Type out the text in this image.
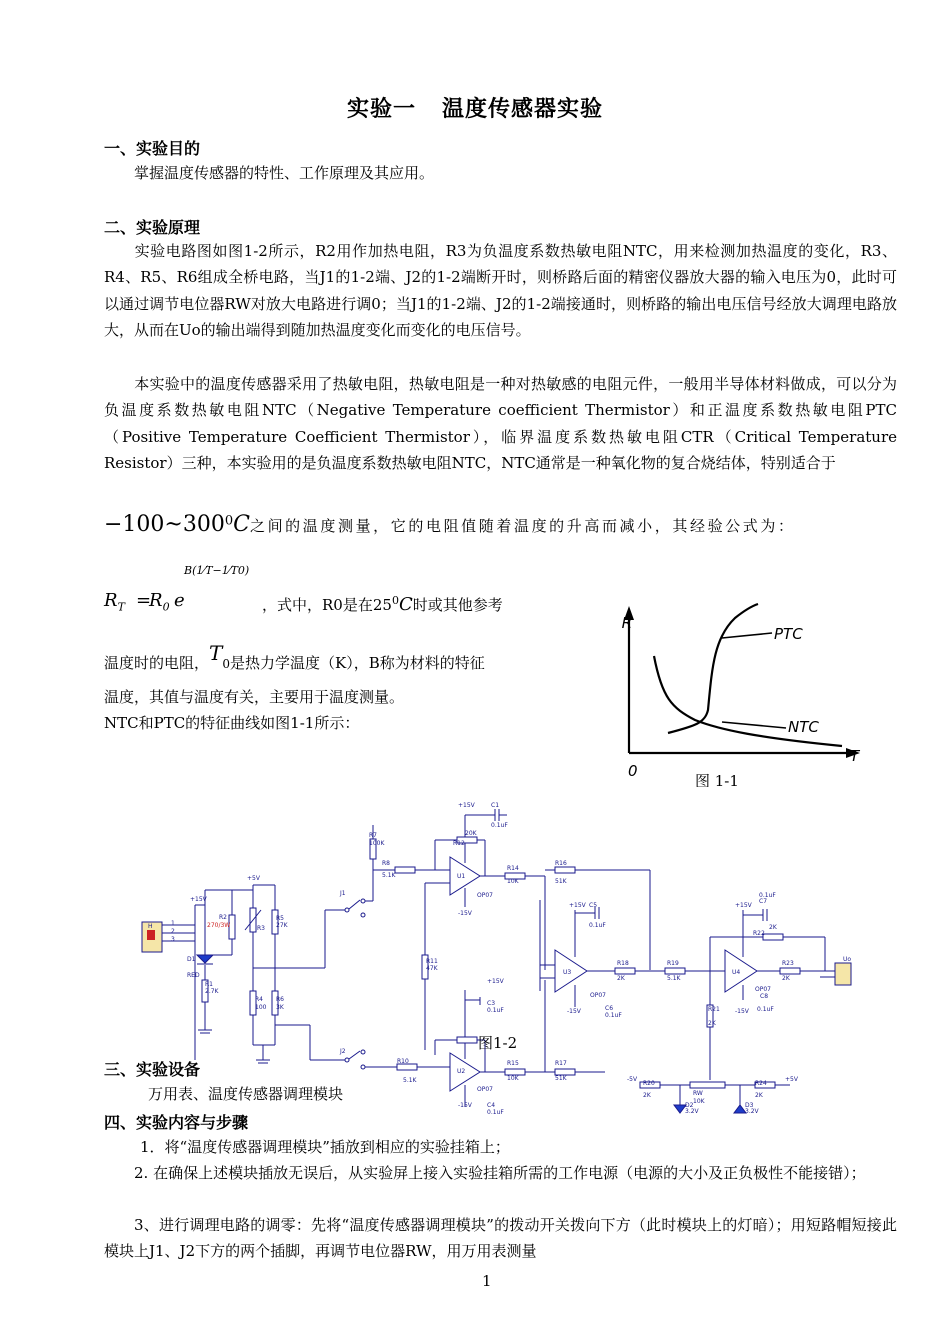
实验一   温度传感器实验
一、实验目的
掌握温度传感器的特性、工作原理及其应用。
二、实验原理
实验电路图如图1-2所示，R2用作加热电阻，R3为负温度系数热敏电阻NTC，用来检测加热温度的变化，R3、R4、R5、R6组成全桥电路，当J1的1-2端、J2的1-2端断开时，则桥路后面的精密仪器放大器的输入电压为0，此时可以通过调节电位器RW对放大电路进行调0；当J1的1-2端、J2的1-2端接通时，则桥路的输出电压信号经放大调理电路放大，从而在Uo的输出端得到随加热温度变化而变化的电压信号。
本实验中的温度传感器采用了热敏电阻，热敏电阻是一种对热敏感的电阻元件，一般用半导体材料做成，可以分为负温度系数热敏电阻NTC（Negative Temperature coefficient Thermistor）和正温度系数热敏电阻PTC（Positive Temperature Coefficient Thermistor），临界温度系数热敏电阻CTR（Critical Temperature Resistor）三种，本实验用的是负温度系数热敏电阻NTC，NTC通常是一种氧化物的复合烧结体，特别适合于
$-100\sim 300^0C$之间的温度测量，它的电阻值随着温度的升高而减小，其经验公式为：
$R_T$ =
$R_0$ e
B(1⁄T−1⁄T0)
，式中，R0是在$25^0C$时或其他参考
温度时的电阻，$T_0$是热力学温度（K），B称为材料的特征
温度，其值与温度有关，主要用于温度测量。
NTC和PTC的特征曲线如图1-1所示：
R
T
0
PTC
NTC
图 1-1
+15V	C1
0.1uF
R12
20K
R7
100K
R8
5.1K	U1
OP07
R14
10K
R16
51K
-15V
+15V C5
0.1uF
+15V
C7
0.1uF
R22
2K
J1
J2
R2
270/3W
+5V
+15V
R3
R5
27K
R4
100
R6
3K
D1
RED
R1
2.7K
R11
47K
U3
R18
2K
R19
5.1K
U4
R23
2K
Uo
OP07
OP07
-15V	-15V
+15V
C3
0.1uF	C6
0.1uF
C8
0.1uF
R21
2K
R10
5.1K
U2
OP07
-15V
R15
10K
R17
51K
C4
0.1uF
-5V
R20
2K	RW
10K
R24
2K
+5V
D2
3.2V
D3
3.2V
H	1
2
3
图1-2
三、实验设备
万用表、温度传感器调理模块
四、实验内容与步骤
1．将“温度传感器调理模块”插放到相应的实验挂箱上；
2. 在确保上述模块插放无误后，从实验屏上接入实验挂箱所需的工作电源（电源的大小及正负极性不能接错）；
3、进行调理电路的调零：先将“温度传感器调理模块”的拨动开关拨向下方（此时模块上的灯暗）；用短路帽短接此模块上J1、J2下方的两个插脚，再调节电位器RW，用万用表测量
1
